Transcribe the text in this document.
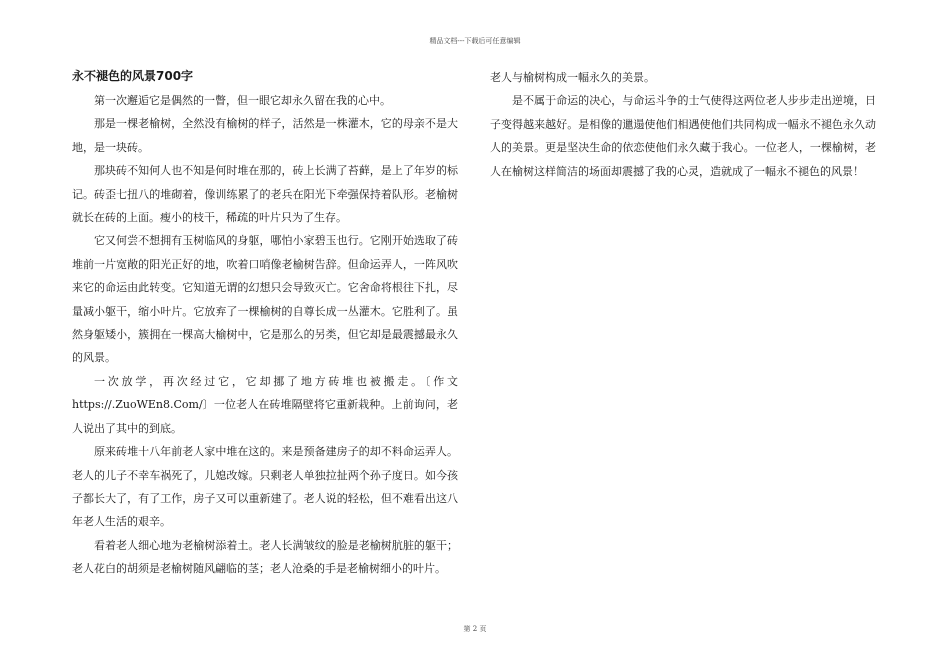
精品文档---下载后可任意编辑
永不褪色的风景700字

第一次邂逅它是偶然的一瞥，但一眼它却永久留在我的心中。

那是一棵老榆树，全然没有榆树的样子，活然是一株灌木，它的母亲不是大地，是一块砖。

那块砖不知何人也不知是何时堆在那的，砖上长满了苔藓，是上了年岁的标记。砖歪七扭八的堆砌着，像训练累了的老兵在阳光下牵强保持着队形。老榆树就长在砖的上面。瘦小的枝干，稀疏的叶片只为了生存。

它又何尝不想拥有玉树临风的身躯，哪怕小家碧玉也行。它刚开始选取了砖堆前一片宽敞的阳光正好的地，吹着口哨像老榆树告辞。但命运弄人，一阵风吹来它的命运由此转变。它知道无谓的幻想只会导致灭亡。它舍命将根往下扎，尽量减小躯干，缩小叶片。它放弃了一棵榆树的自尊长成一丛灌木。它胜利了。虽然身躯矮小，簇拥在一棵高大榆树中，它是那么的另类，但它却是最震撼最永久的风景。

一次放学，再次经过它，它却挪了地方砖堆也被搬走。〔作文https://.ZuoWEn8.Com/〕一位老人在砖堆隔壁将它重新栽种。上前询问，老人说出了其中的到底。

原来砖堆十八年前老人家中堆在这的。来是预备建房子的却不料命运弄人。老人的儿子不幸车祸死了，儿媳改嫁。只剩老人单独拉扯两个孙子度日。如今孩子都长大了，有了工作，房子又可以重新建了。老人说的轻松，但不难看出这八年老人生活的艰辛。

看着老人细心地为老榆树添着土。老人长满皱纹的脸是老榆树肮脏的躯干；老人花白的胡须是老榆树随风翩临的茎；老人沧桑的手是老榆树细小的叶片。

老人与榆树构成一幅永久的美景。

是不属于命运的决心，与命运斗争的士气使得这两位老人步步走出逆境，日子变得越来越好。是相像的邋遢使他们相遇使他们共同构成一幅永不褪色永久动人的美景。更是坚决生命的依恋使他们永久藏于我心。一位老人，一棵榆树，老人在榆树这样简洁的场面却震撼了我的心灵，造就成了一幅永不褪色的风景！

第 2 页
